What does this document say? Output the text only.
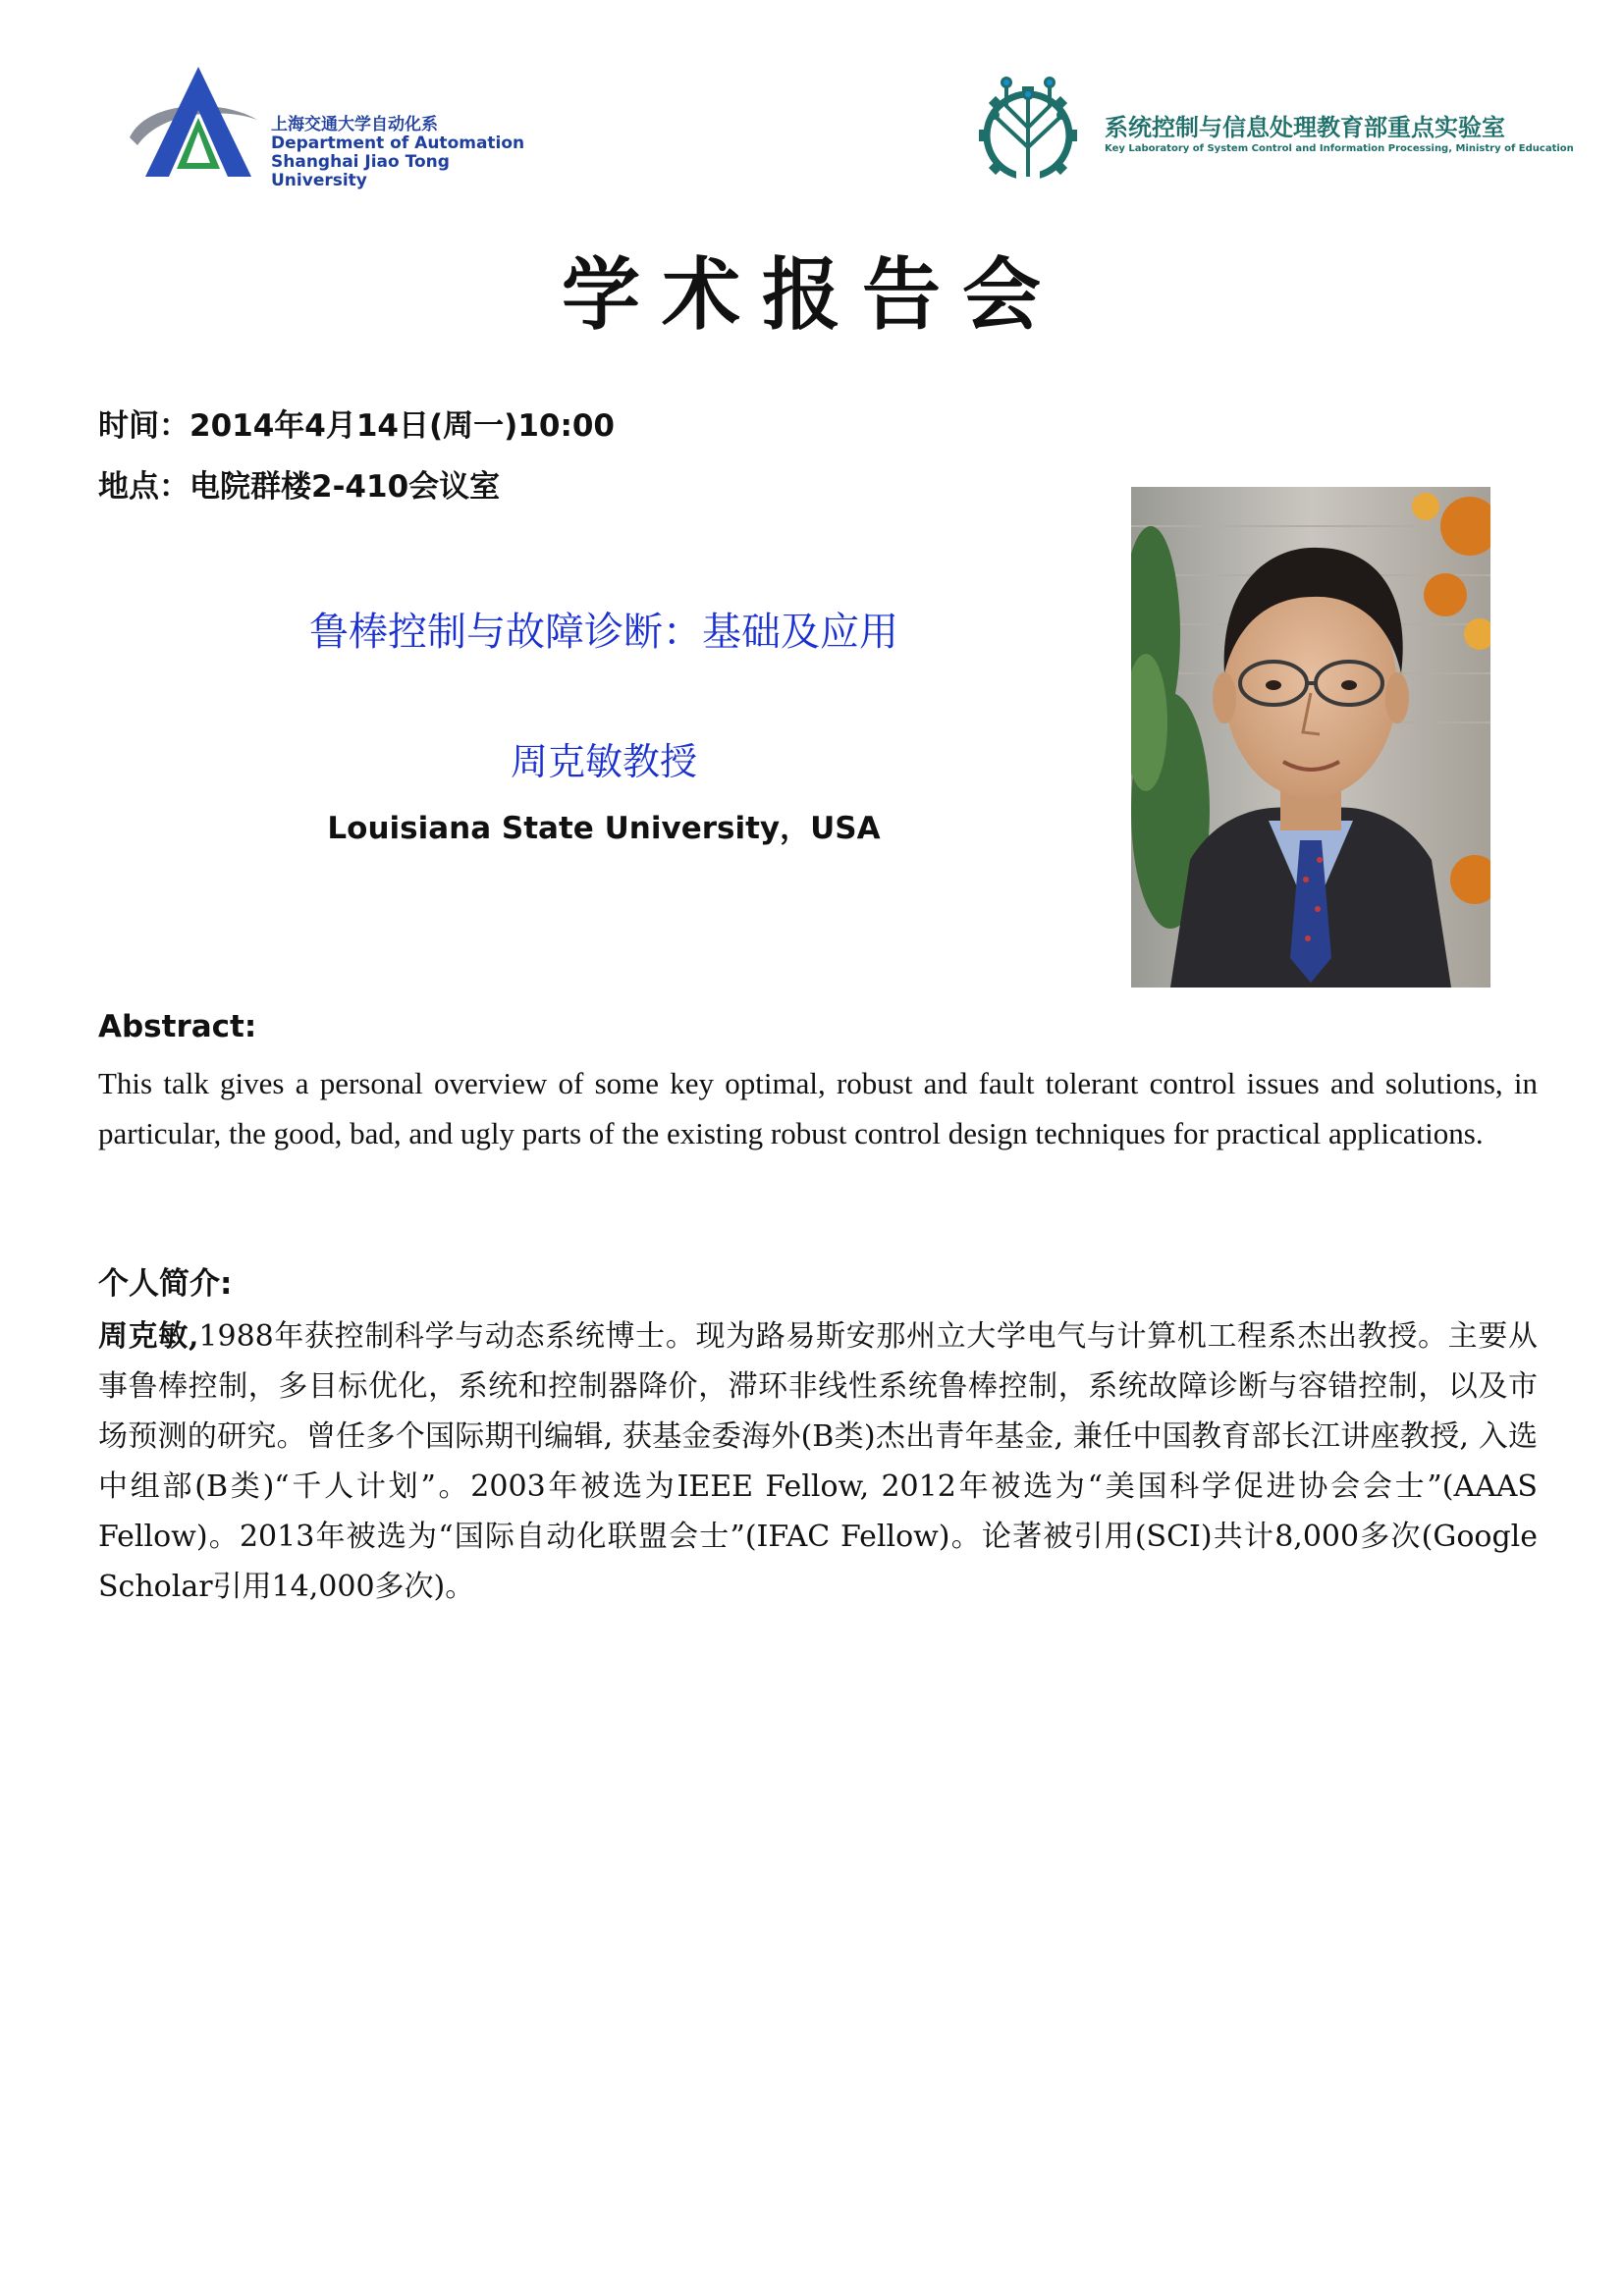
上海交通大学自动化系
Department of Automation
Shanghai Jiao Tong University
系统控制与信息处理教育部重点实验室
Key Laboratory of System Control and Information Processing, Ministry of Education
学术报告会
时间：2014年4月14日(周一)10:00
地点：电院群楼2-410会议室
鲁棒控制与故障诊断：基础及应用
周克敏教授
Louisiana State University，USA
Abstract:
This talk gives a personal overview of some key optimal, robust and fault tolerant control issues and solutions, in particular, the good, bad, and ugly parts of the existing robust control design techniques for practical applications.
个人简介:
周克敏,1988年获控制科学与动态系统博士。现为路易斯安那州立大学电气与计算机工程系杰出教授。主要从事鲁棒控制，多目标优化，系统和控制器降价，滞环非线性系统鲁棒控制，系统故障诊断与容错控制，以及市场预测的研究。曾任多个国际期刊编辑, 获基金委海外(B类)杰出青年基金, 兼任中国教育部长江讲座教授, 入选中组部(B类)“千人计划”。2003年被选为IEEE Fellow, 2012年被选为“美国科学促进协会会士”(AAAS Fellow)。2013年被选为“国际自动化联盟会士”(IFAC Fellow)。论著被引用(SCI)共计8,000多次(Google Scholar引用14,000多次)。
